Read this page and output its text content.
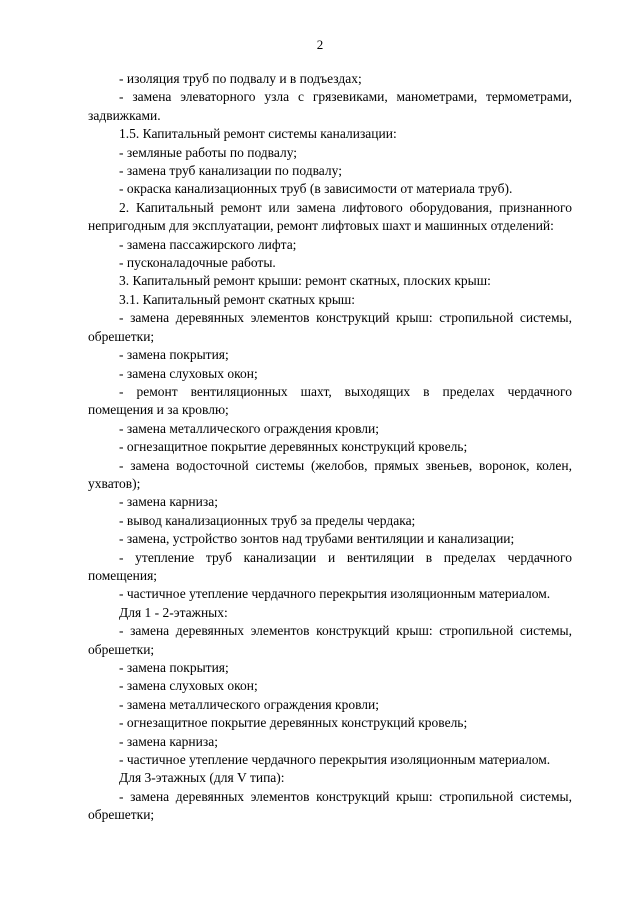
2

- изоляция труб по подвалу и в подъездах;

- замена элеваторного узла с грязевиками, манометрами, термометрами, задвижками.

1.5. Капитальный ремонт системы канализации:

- земляные работы по подвалу;

- замена труб канализации по подвалу;

- окраска канализационных труб (в зависимости от материала труб).

2. Капитальный ремонт или замена лифтового оборудования, признанного непригодным для эксплуатации, ремонт лифтовых шахт и машинных отделений:

- замена пассажирского лифта;

- пусконаладочные работы.

3. Капитальный ремонт крыши: ремонт скатных, плоских крыш:

3.1. Капитальный ремонт скатных крыш:

- замена деревянных элементов конструкций крыш: стропильной системы, обрешетки;

- замена покрытия;

- замена слуховых окон;

- ремонт вентиляционных шахт, выходящих в пределах чердачного помещения и за кровлю;

- замена металлического ограждения кровли;

- огнезащитное покрытие деревянных конструкций кровель;

- замена водосточной системы (желобов, прямых звеньев, воронок, колен, ухватов);

- замена карниза;

- вывод канализационных труб за пределы чердака;

- замена, устройство зонтов над трубами вентиляции и канализации;

- утепление труб канализации и вентиляции в пределах чердачного помещения;

- частичное утепление чердачного перекрытия изоляционным материалом.

Для 1 - 2-этажных:

- замена деревянных элементов конструкций крыш: стропильной системы, обрешетки;

- замена покрытия;

- замена слуховых окон;

- замена металлического ограждения кровли;

- огнезащитное покрытие деревянных конструкций кровель;

- замена карниза;

- частичное утепление чердачного перекрытия изоляционным материалом.

Для 3-этажных (для V типа):

- замена деревянных элементов конструкций крыш: стропильной системы, обрешетки;
